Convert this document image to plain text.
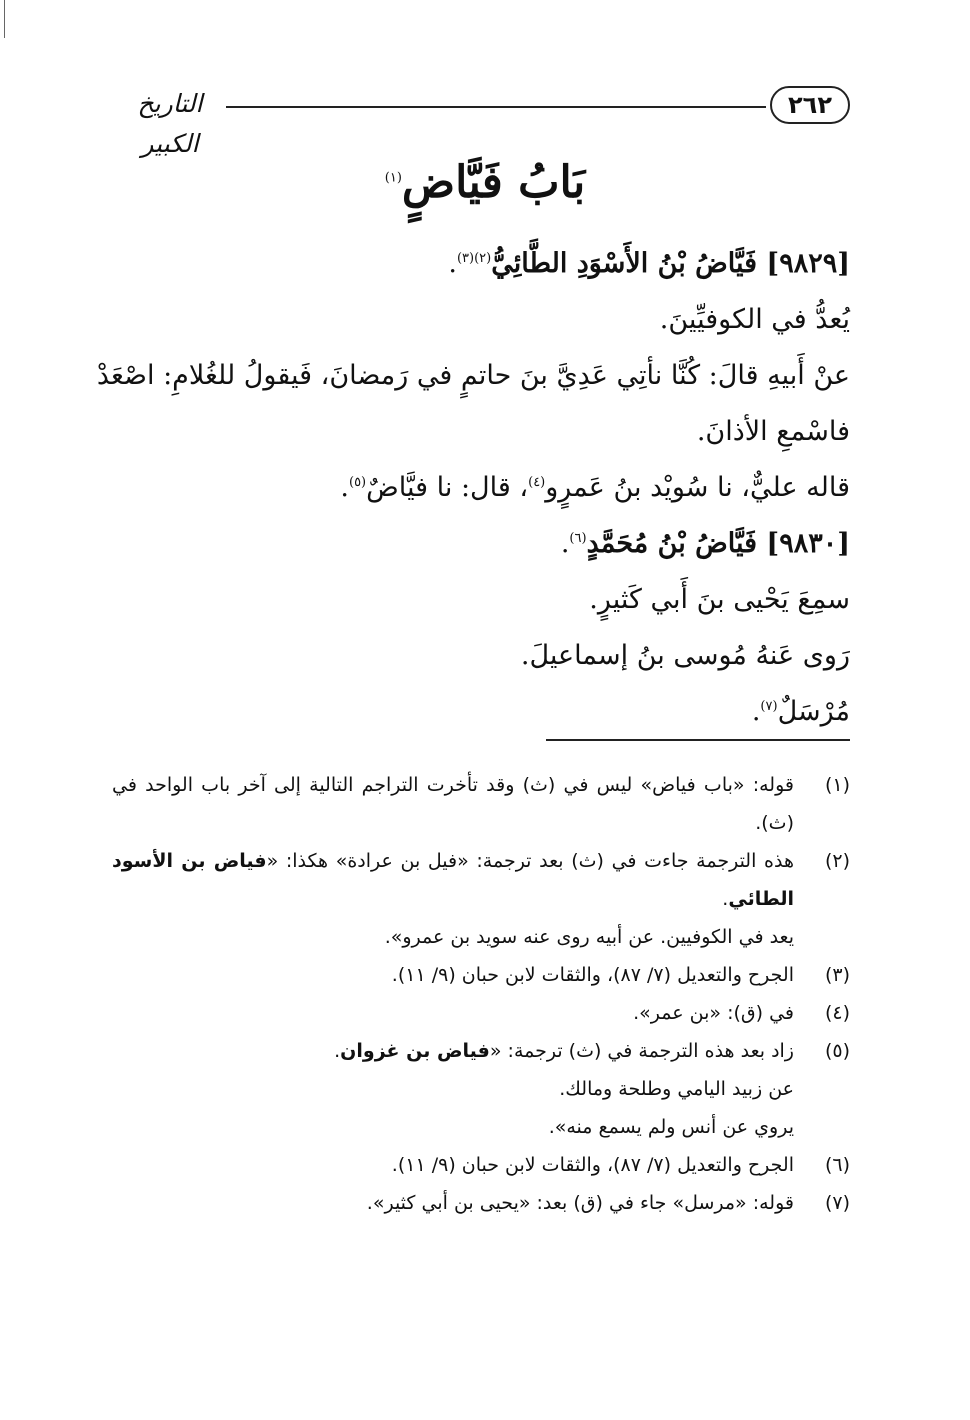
٢٦٢
التاريخ الكبير
بَابُ فَيَّاضٍ$^{(١)}$
[٩٨٢٩] فَيَّاضُ بْنُ الأَسْوَدِ الطَّائِيُّ$^{(٢)(٣)}$.
يُعدُّ في الكوفيِّينَ.
عنْ أَبيهِ قالَ: كُنَّا نأتِي عَدِيَّ بنَ حاتمٍ في رَمضانَ، فَيقولُ للغُلامِ: اصْعَدْ
فاسْمعِ الأذانَ.
قاله عليٌّ، نا سُويْد بنُ عَمرٍو$^{(٤)}$، قال: نا فيَّاضٌ$^{(٥)}$.
[٩٨٣٠] فَيَّاضُ بْنُ مُحَمَّدٍ$^{(٦)}$.
سمِعَ يَحْيى بنَ أَبي كَثيرٍ.
رَوى عَنهُ مُوسى بنُ إسماعيلَ.
مُرْسَلٌ$^{(٧)}$.
(١)
قوله: «باب فياض» ليس في (ث) وقد تأخرت التراجم التالية إلى آخر باب الواحد في
(ث).
(٢)
هذه الترجمة جاءت في (ث) بعد ترجمة: «فيل بن عرادة» هكذا: «فياض بن الأسود
الطائي.
يعد في الكوفيين. عن أبيه روى عنه سويد بن عمرو».
(٣)
الجرح والتعديل (٧/ ٨٧)، والثقات لابن حبان (٩/ ١١).
(٤)
في (ق): «بن عمر».
(٥)
زاد بعد هذه الترجمة في (ث) ترجمة: «فياض بن غزوان.
عن زبيد اليامي وطلحة ومالك.
يروي عن أنس ولم يسمع منه».
(٦)
الجرح والتعديل (٧/ ٨٧)، والثقات لابن حبان (٩/ ١١).
(٧)
قوله: «مرسل» جاء في (ق) بعد: «يحيى بن أبي كثير».
